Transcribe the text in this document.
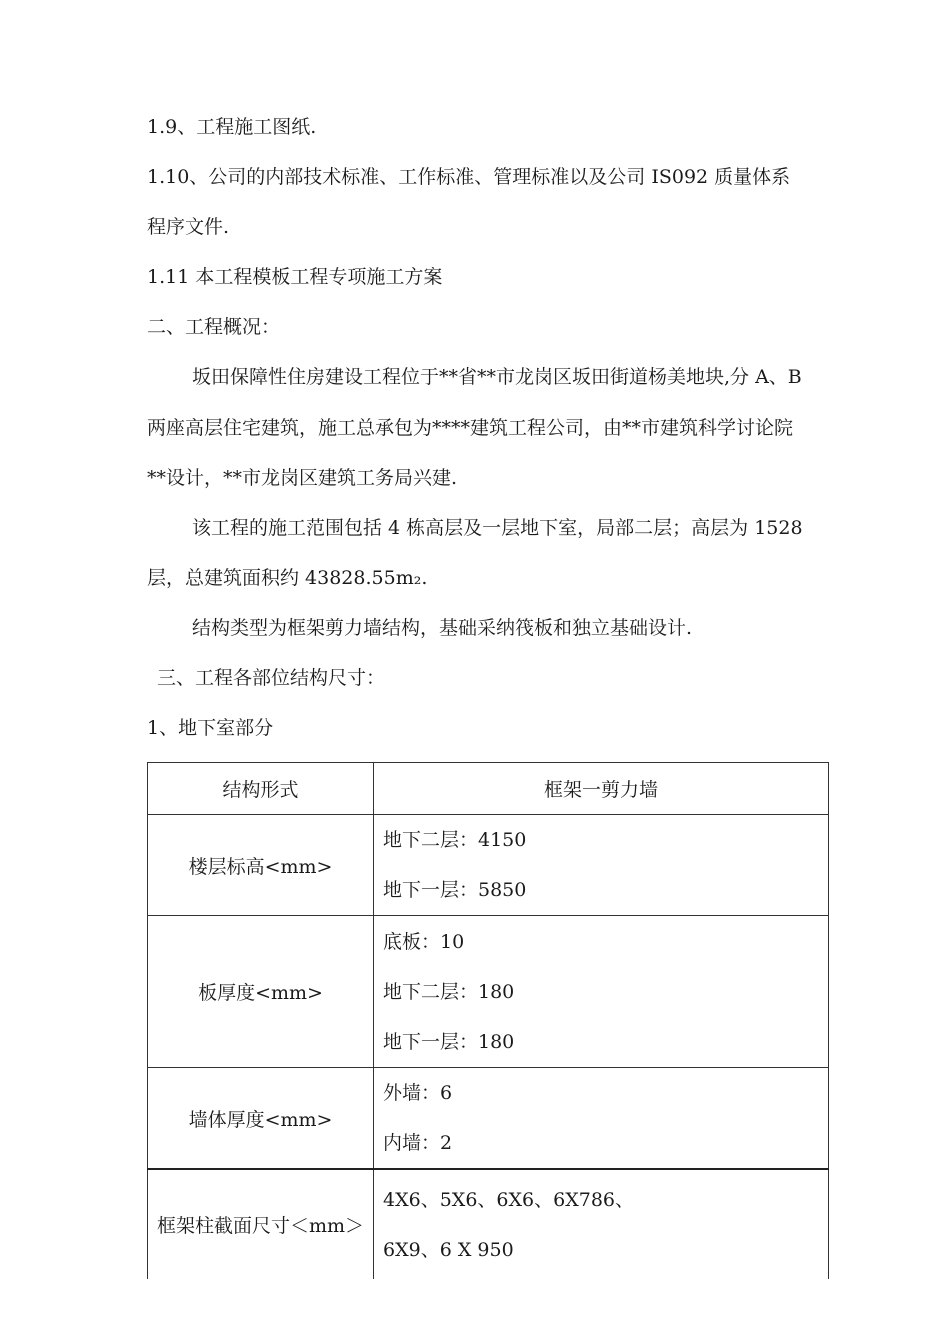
1.9、工程施工图纸.
1.10、公司的内部技术标准、工作标准、管理标准以及公司 IS092 质量体系
程序文件.
1.11 本工程模板工程专项施工方案
二、工程概况：
坂田保障性住房建设工程位于**省**市龙岗区坂田街道杨美地块,分 A、B
两座高层住宅建筑，施工总承包为****建筑工程公司，由**市建筑科学讨论院
**设计，**市龙岗区建筑工务局兴建.
该工程的施工范围包括 4 栋高层及一层地下室，局部二层；高层为 1528
层，总建筑面积约 43828.55m₂.
结构类型为框架剪力墙结构，基础采纳筏板和独立基础设计.
三、工程各部位结构尺寸：
1、地下室部分
结构形式	框架一剪力墙
楼层标高<mm>	地下二层：4150
地下一层：5850

板厚度<mm>	底板：10
地下二层：180
地下一层：180

墙体厚度<mm>	外墙：6
内墙：2

框架柱截面尺寸＜mm＞	4X6、5X6、6X6、6X786、
6X9、6 X 950
